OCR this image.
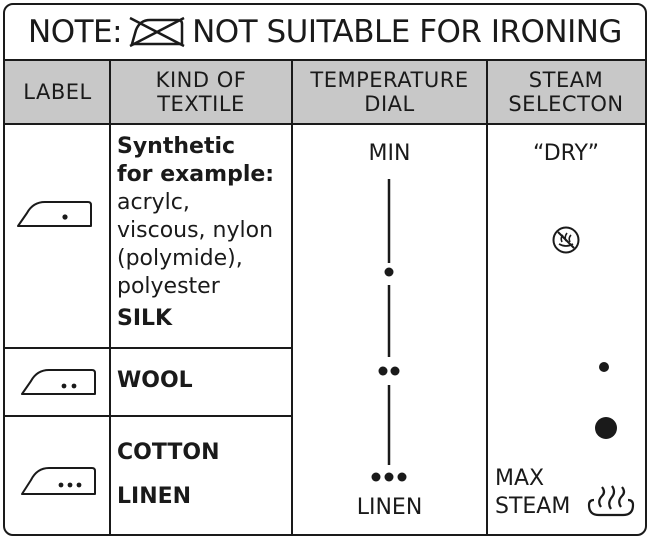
NOTE: NOT SUITABLE FOR IRONING
LABEL	KIND OF
TEXTILE
TEMPERATURE
DIAL
STEAM
SELECTON
Synthetic
for example:
acrylc,
viscous, nylon
(polymide),
polyester
SILK
WOOL
COTTON
LINEN
MIN
LINEN
“DRY”
MAX
STEAM
